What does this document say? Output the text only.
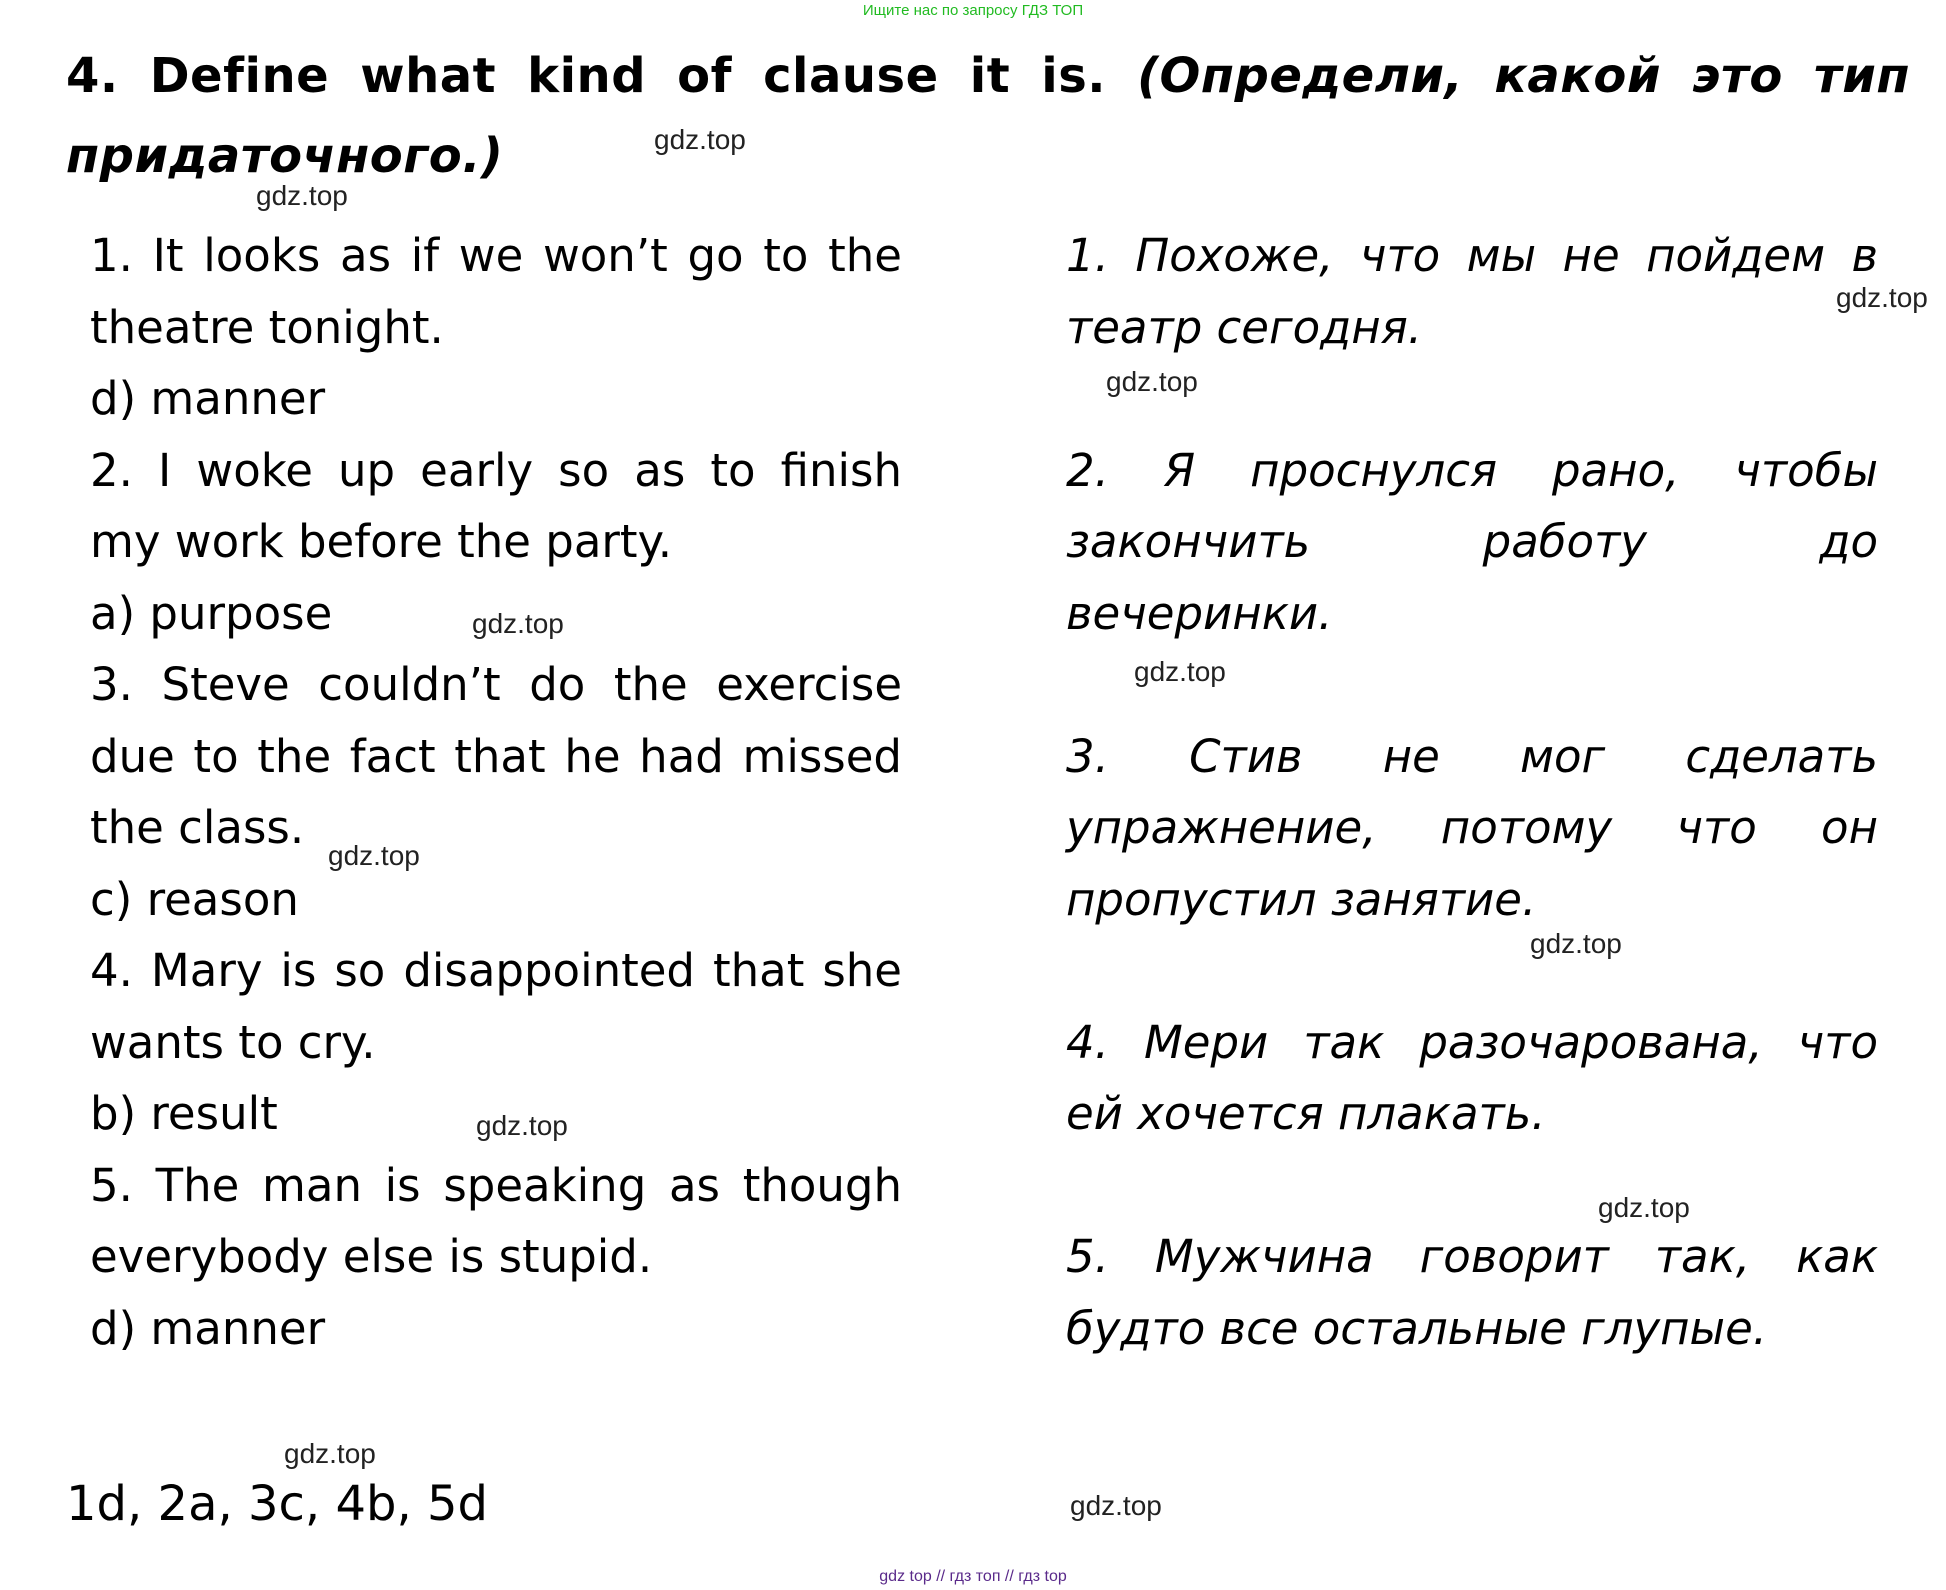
Ищите нас по запросу ГДЗ ТОП
4. Define what kind of clause it is. (Определи, какой это тип придаточного.)
1. It looks as if we won’t go to the
theatre tonight.
d) manner
2. I woke up early so as to finish
my work before the party.
a) purpose
3. Steve couldn’t do the exercise
due to the fact that he had missed
the class.
c) reason
4. Mary is so disappointed that she
wants to cry.
b) result
5. The man is speaking as though
everybody else is stupid.
d) manner
1. Похоже, что мы не пойдем в
театр сегодня.
2. Я проснулся рано, чтобы
закончить работу до
вечеринки.
3. Стив не мог сделать
упражнение, потому что он
пропустил занятие.
4. Мери так разочарована, что
ей хочется плакать.
5. Мужчина говорит так, как
будто все остальные глупые.
1d, 2a, 3c, 4b, 5d
gdz.top
gdz.top
gdz.top
gdz.top
gdz.top
gdz.top
gdz.top
gdz.top
gdz.top
gdz.top
gdz.top
gdz.top
gdz top // гдз топ // гдз top
